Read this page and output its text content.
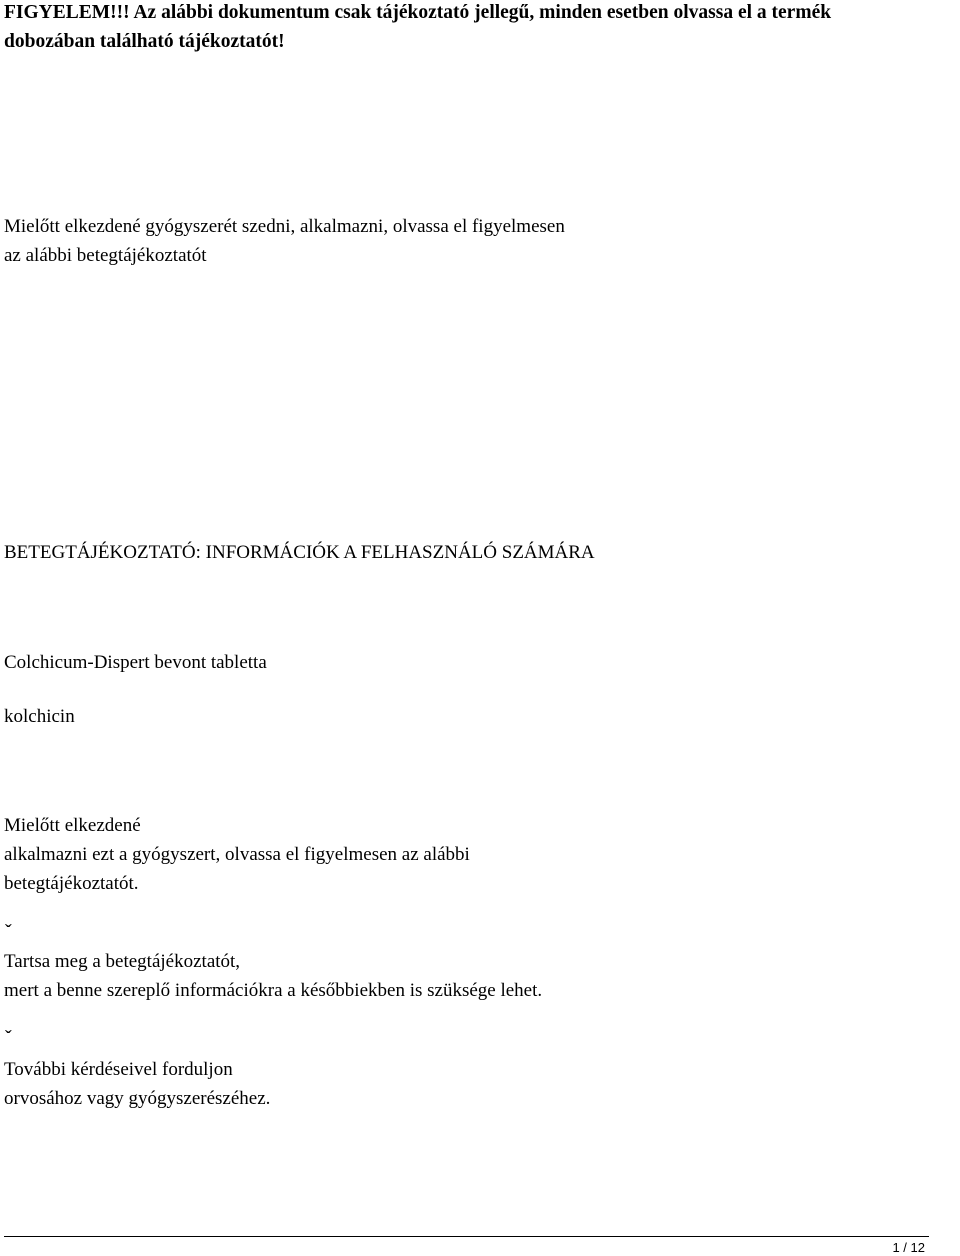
FIGYELEM!!! Az alábbi dokumentum csak tájékoztató jellegű, minden esetben olvassa el a termék
dobozában található tájékoztatót!
Mielőtt elkezdené gyógyszerét szedni, alkalmazni, olvassa el figyelmesen
az alábbi betegtájékoztatót
BETEGTÁJÉKOZTATÓ: INFORMÁCIÓK A FELHASZNÁLÓ SZÁMÁRA
Colchicum-Dispert bevont tabletta
kolchicin
Mielőtt elkezdené
alkalmazni ezt a gyógyszert, olvassa el figyelmesen az alábbi
betegtájékoztatót.
ˇ
Tartsa meg a betegtájékoztatót,
mert a benne szereplő információkra a későbbiekben is szüksége lehet.
ˇ
További kérdéseivel forduljon
orvosához vagy gyógyszerészéhez.
1 / 12
